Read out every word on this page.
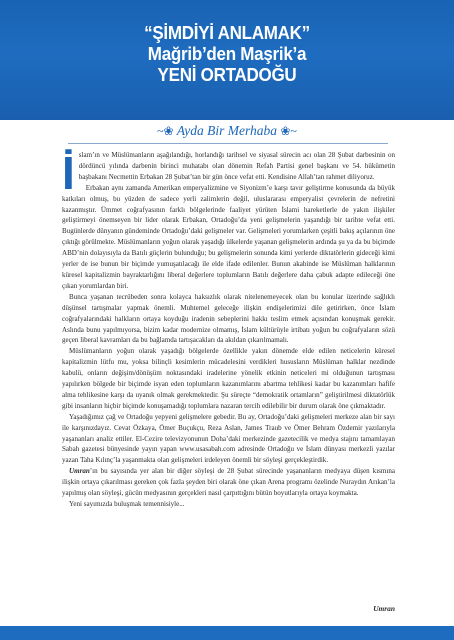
“ŞİMDİYİ ANLAMAK”
Mağrib’den Maşrik’a
YENİ ORTADOĞU
~❀ Ayda Bir Merhaba ❀~

İslam’ın ve Müslümanların aşağılandığı, horlandığı tarihsel ve siyasal sürecin acı olan 28 Şubat darbesinin on dördüncü yılında darbenin birinci muhatabı olan dönemin Refah Partisi genel başkanı ve 54. hükümetin başbakanı Necmettin Erbakan 28 Şubat’tan bir gün önce vefat etti. Kendisine Allah’tan rahmet diliyoruz.

Erbakan aynı zamanda Amerikan emperyalizmine ve Siyonizm’e karşı tavır geliştirme konusunda da büyük katkıları olmuş, bu yüzden de sadece yerli zalimlerin değil, uluslararası emperyalist çevrelerin de nefretini kazanmıştır. Ümmet coğrafyasının farklı bölgelerinde faaliyet yürüten İslami hareketlerle de yakın ilişkiler geliştirmeyi önemseyen bir lider olarak Erbakan, Ortadoğu’da yeni gelişmelerin yaşandığı bir tarihte vefat etti. Bugünlerde dünyanın gündeminde Ortadoğu’daki gelişmeler var. Gelişmeleri yorumlarken çeşitli bakış açılarının öne çıktığı görülmekte. Müslümanların yoğun olarak yaşadığı ülkelerde yaşanan gelişmelerin ardında şu ya da bu biçimde ABD’nin dolayısıyla da Batılı güçlerin bulunduğu; bu gelişmelerin sonunda kimi yerlerde diktatörlerin gideceği kimi yerler de ise bunun bir biçimde yumuşatılacağı ile elde ifade edilenler. Bunun akabinde ise Müslüman halklarının küresel kapitalizmin bayraktarlığını liberal değerlere toplumların Batılı değerlere daha çabuk adapte edileceği öne çıkan yorumlardan biri.

Bunca yaşanan tecrübeden sonra kolayca haksızlık olarak nitelenemeyecek olan bu konular üzerinde sağlıklı düşünsel tartışmalar yapmak önemli. Muhtemel geleceğe ilişkin endişelerimizi dile getirirken, önce İslam coğrafyalarındaki halkların ortaya koyduğu iradenin sebeplerini hakkı teslim etmek açısından konuşmak gerekir. Aslında bunu yapılmıyorsa, bizim kadar modernize olmamış, İslam kültürüyle irtibatı yoğun bu coğrafyaların sözü geçen liberal kavramları da bu bağlamda tartışacakları da akıldan çıkarılmamalı.

Müslümanların yoğun olarak yaşadığı bölgelerde özellikle yakın dönemde elde edilen neticelerin küresel kapitalizmin lütfu mu, yoksa bilinçli kesimlerin mücadelesini verdikleri hususların Müslüman halklar nezdinde kabulü, onların değişim/dönüşüm noktasındaki iradelerine yönelik etkinin neticeleri mi olduğunun tartışması yapılırken bölgede bir biçimde isyan eden toplumların kazanımlarını abartma tehlikesi kadar bu kazanımları hafife alma tehlikesine karşı da uyanık olmak gerekmektedir. Şu süreçte “demokratik ortamların” geliştirilmesi diktatörlük gibi insanların hiçbir biçimde konuşamadığı toplumlara nazaran tercih edilebilir bir durum olarak öne çıkmaktadır.

Yaşadığımız çağ ve Ortadoğu yepyeni gelişmelere gebedir. Bu ay, Ortadoğu’daki gelişmeleri merkeze alan bir sayı ile karşınızdayız. Cevat Özkaya, Ömer Buçukçu, Reza Aslan, James Traub ve Ömer Behram Özdemir yazılarıyla yaşananları analiz ettiler. El-Cezire televizyonunun Doha’daki merkezinde gazetecilik ve medya stajını tamamlayan Sabah gazetesi bünyesinde yayın yapan www.usasabah.com adresinde Ortadoğu ve İslam dünyası merkezli yazılar yazan Taha Kılınç’la yaşanmakta olan gelişmeleri irdeleyen önemli bir söyleşi gerçekleştirdik.

Umran’ın bu sayısında yer alan bir diğer söyleşi de 28 Şubat sürecinde yaşananların medyaya düşen kısmına ilişkin ortaya çıkarılması gereken çok fazla şeyden biri olarak öne çıkan Arena programı özelinde Nurаydın Arıkan’la yapılmış olan söyleşi, gücün medyasının gerçekleri nasıl çarpıttığını bütün boyutlarıyla ortaya koymakta.

Yeni sayımızda buluşmak temennisiyle...

Umran
